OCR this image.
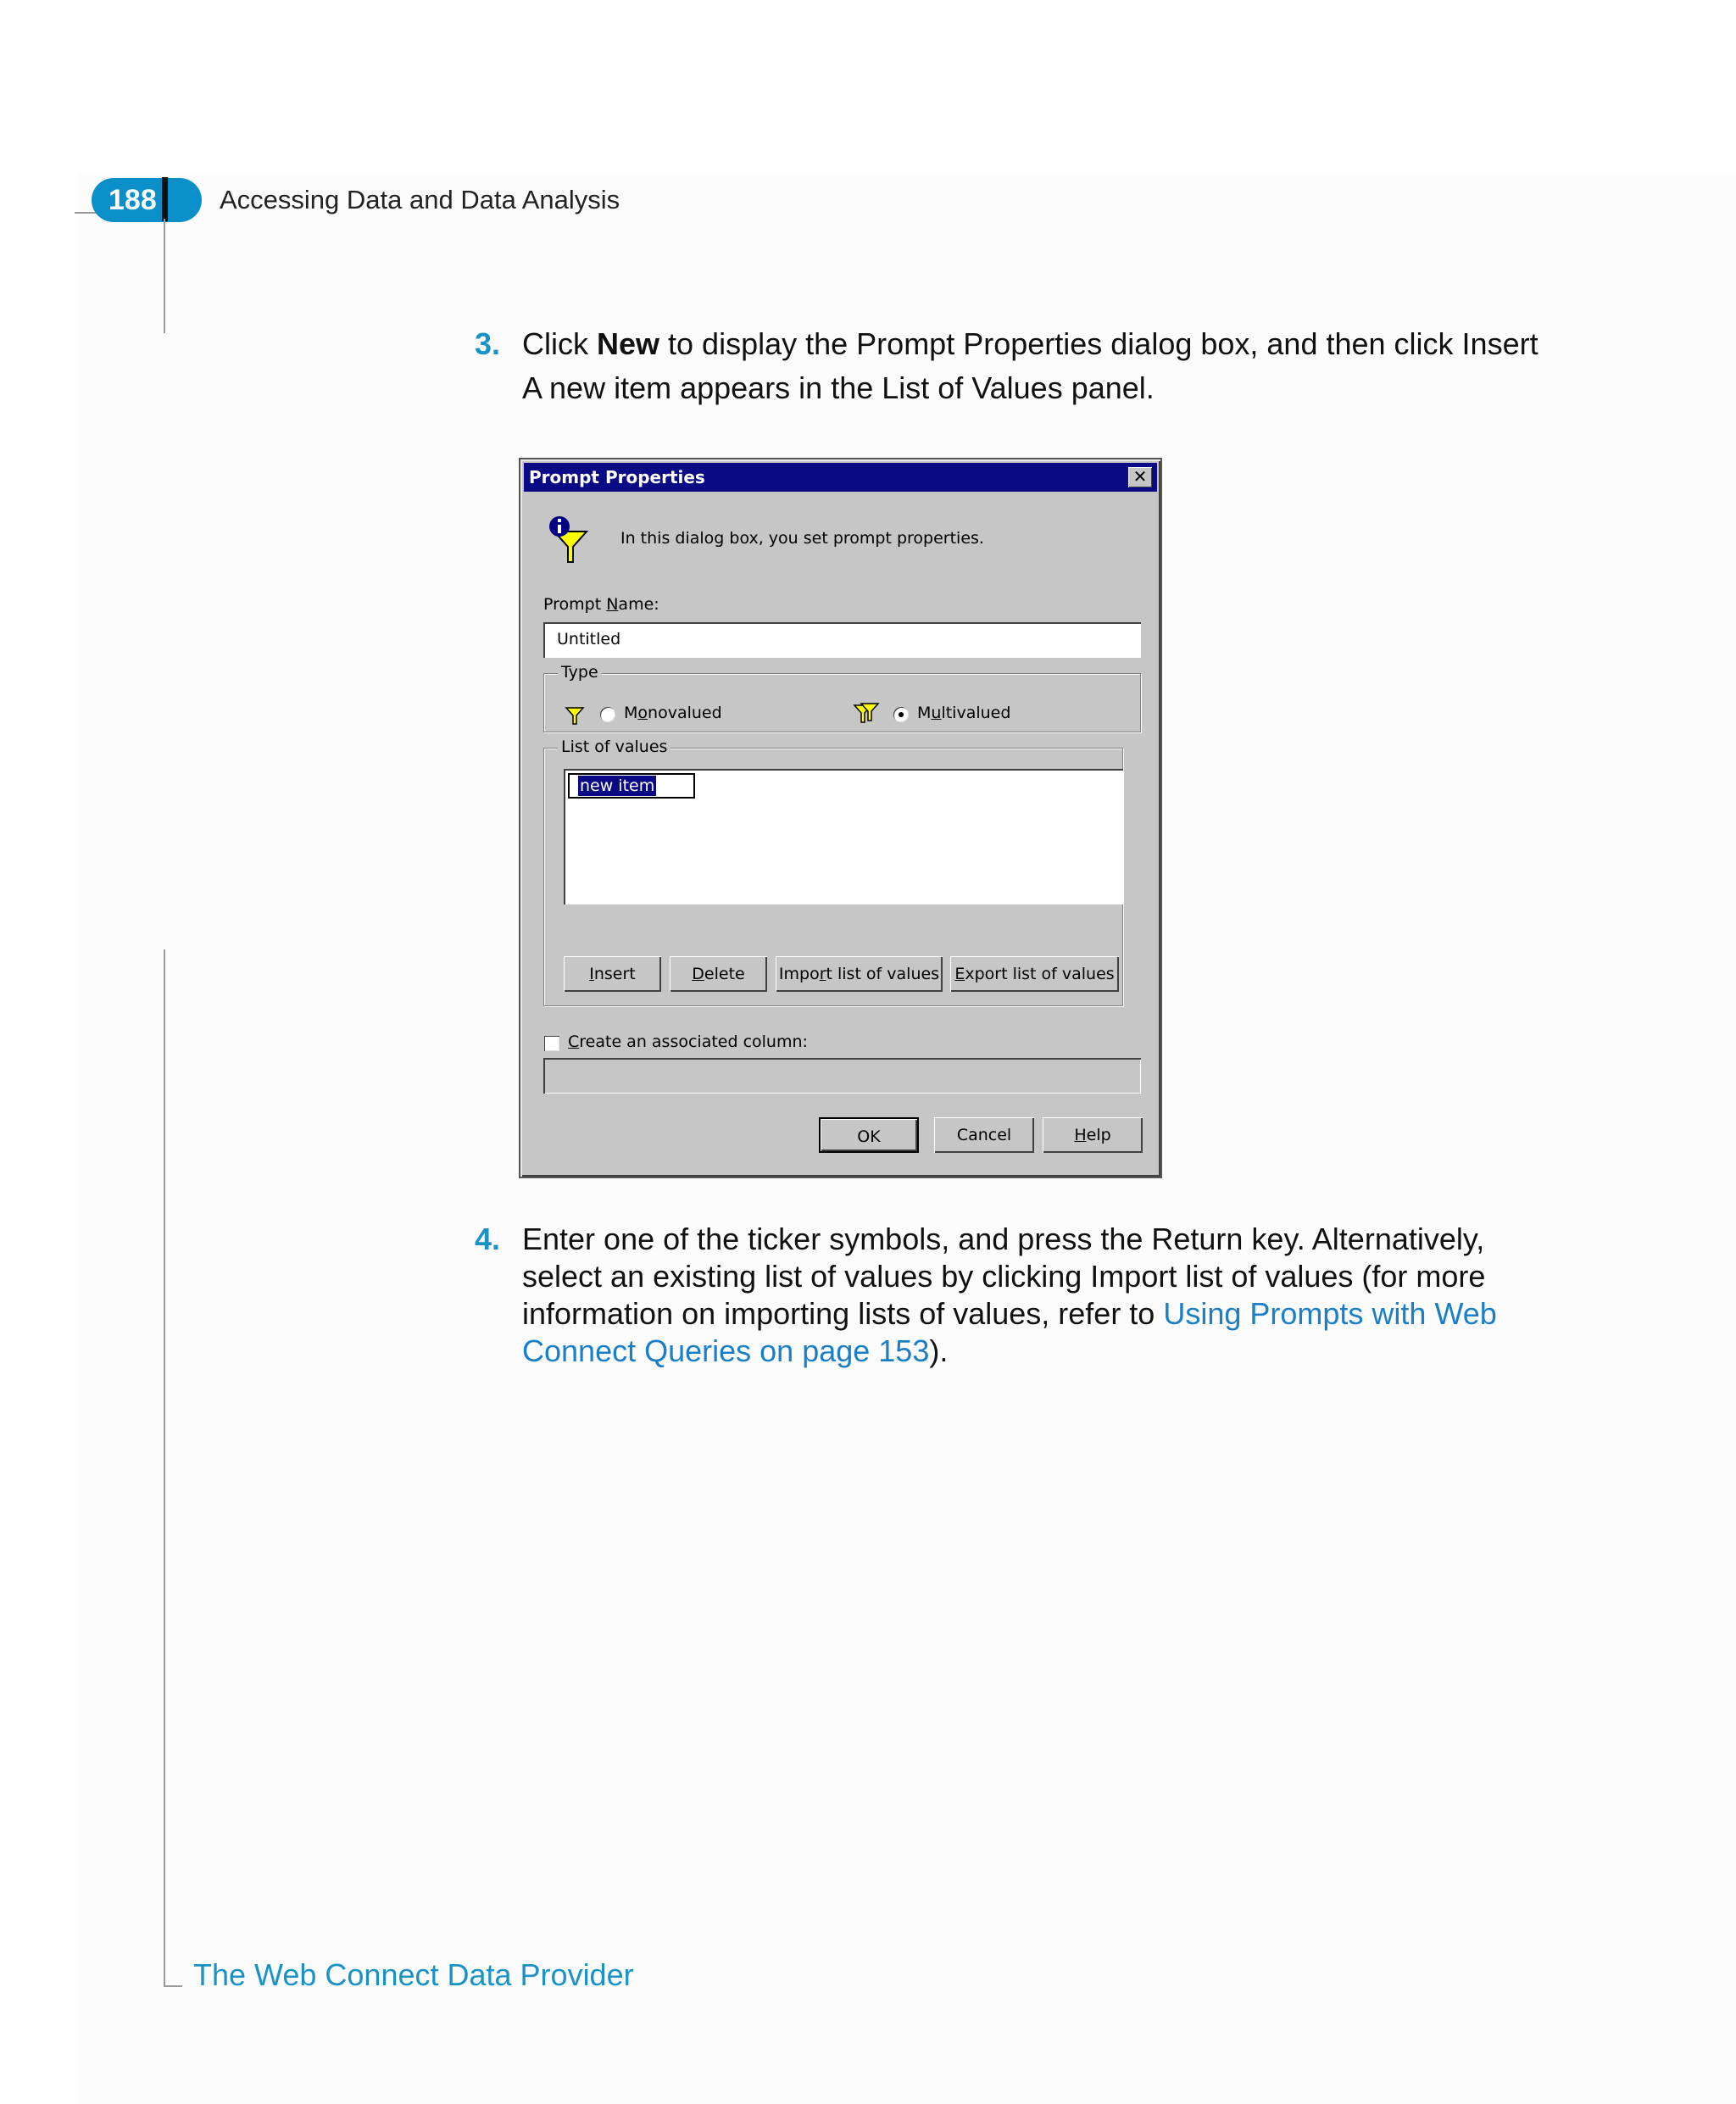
188 Accessing Data and Data Analysis
3. Click New to display the Prompt Properties dialog box, and then click Insert
A new item appears in the List of Values panel.
Prompt Properties	✕
In this dialog box, you set prompt properties.
Prompt Name:
Untitled
Type
Monovalued	Multivalued
List of values
new item
Insert	Delete	Import list of values Export list of values
Create an associated column:
OK	Cancel	Help
4. Enter one of the ticker symbols, and press the Return key. Alternatively,
select an existing list of values by clicking Import list of values (for more
information on importing lists of values, refer to Using Prompts with Web
Connect Queries on page 153).
The Web Connect Data Provider
